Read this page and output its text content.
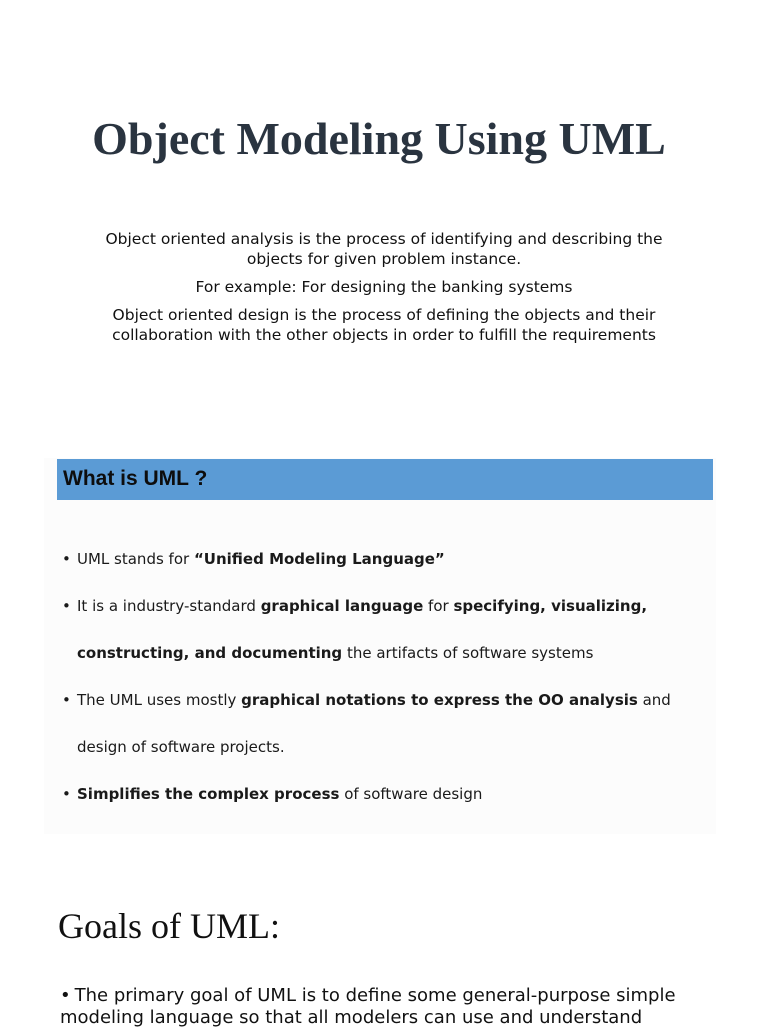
Object Modeling Using UML

Object oriented analysis is the process of identifying and describing the objects for given problem instance.

For example: For designing the banking systems

Object oriented design is the process of defining the objects and their collaboration with the other objects in order to fulfill the requirements

What is UML ?
• UML stands for “Unified Modeling Language”
• It is a industry-standard graphical language for specifying, visualizing, constructing, and documenting the artifacts of software systems
• The UML uses mostly graphical notations to express the OO analysis and design of software projects.
• Simplifies the complex process of software design
Goals of UML:
• The primary goal of UML is to define some general-purpose simple modeling language so that all modelers can use and understand
